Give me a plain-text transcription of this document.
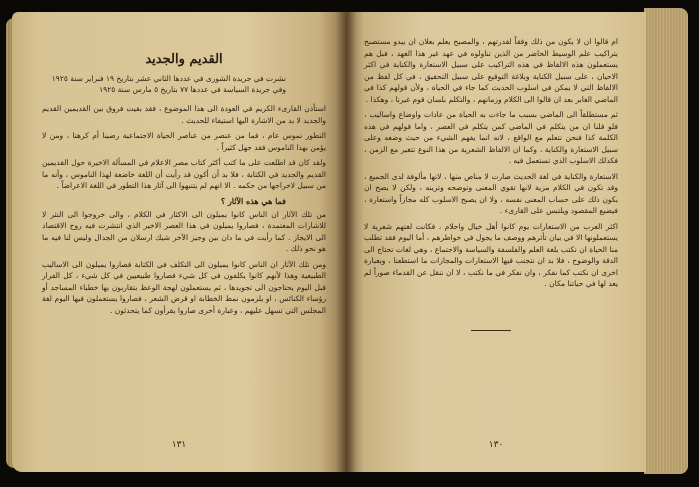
القديم والجديد
نشرت في جريدة الشورى في عددها الثاني عشر بتاريخ ١٩ فبراير سنة ١٩٢٥ وفي جريدة السياسة في عددها ٧٧ بتاريخ ٥ مارس سنة ١٩٢٥

استأذن القارىء الكريم في العودة الى هذا الموضوع ، فقد بقيت فروق بين القديمين القديم والجديد لا بد من الاشارة اليها استيفاء للحديث .

التطور تموس عام ، فما من عنصر من عناصر الحياة الاجتماعية رضينا أم كرهنا ، ومن لا يؤمن بهذا الناموس فقد جهل كثيراً .

ولقد كان قد اطلعت على ما كتب أكثر كتاب مصر الاعلام في المسألة الاخيرة حول القديمين القديم والجديد في الكتابة ، فلا بد أن أكون قد رأيت أن اللغة خاضعة لهذا الناموس ، وأنه ما من سبيل لاخراجها من حكمه . الا انهم لم يتنبهوا الى آثار هذا التطور في اللغة الاعراضاً .

فما هي هذه الآثار ؟

من تلك الآثار ان الناس كانوا يميلون الى الاكثار في الكلام ، والى خروجوا الى النثر لا للاشارات المعتمدة ، فصاروا يميلون في هذا العصر الاخير الذي انتشرت فيه روح الاقتصاد الى الايجاز . كما رأيت في ما دان بين وجيز الآخر شيك ارسلان من الجدال وليس لنا فيه ما هو نحو ذلك .

ومن تلك الآثار ان الناس كانوا يميلون الى التكلف في الكتابة فصاروا يميلون الى الاساليب الطبيعية وهذا لأنهم كانوا يكلفون في كل شيء فصاروا طبيعيين في كل شيء ، كل الفرار قبل اليوم يحتاجون الى تجويدها ، ثم يستعملون لهجة الوعظ بتقاربون بها خطباء المساجد أو رؤساء الكنائس ، او يلزمون نمط الخطابة او قرض الشعر ، فصاروا يستعملون فيها اليوم لغة المجلس التي تسهل عليهم ، وعبارة أخرى صاروا يقرأون كما يتحدثون .

١٣١

ام قالوا ان لا يكون من ذلك وفقاً لقدرتهم ، والمصبح يعلم بعلان ان يبدو مستصبح بتراكيب علم الوسيط الحاضر من الذين تناولوه في عهد غير هذا العهد ، فبل هم يستعملون هذه الالفاظ في هذه التراكيب على سبيل الاستعارة والكناية في اكثر الاحيان ، على سبيل الكناية وبلاغة التوقيع على سبيل التحقيق ، في كل لفظ من الالفاظ التي لا يمكن في اسلوب الحديث كما جاء في الحياة ، ولأن قولهم كذا في الماضي الغابر بعد ان قالوا الى الكلام وزمانهم ، والتكلم بلسان قوم غيرنا ، وهكذا .

ثم مستطلقاً الى الماضي بسبب ما جاءت به الحياة من عادات واوضاع واساليب ، فلو قلنا ان من يتكلم في الماضي كمن يتكلم في العصر ، واما قولهم في هذه الكلمة كذا فنحن نتعلم مع الواقع ، لانه انما يفهم الشيء من حيث وضعه وعلى سبيل الاستعارة والكناية ، وكما ان الالفاظ الشعرية من هذا النوع تتغير مع الزمن ، فكذلك الاسلوب الذي تستعمل فيه .

الاستعارة والكناية في لغة الحديث صارت لا مناص منها ، لانها مألوفة لدى الجميع ، وقد تكون في الكلام مزية لانها تقوي المعنى وتوضحه وتزينه ، ولكن لا يصح ان يكون ذلك على حساب المعنى نفسه ، ولا ان يصبح الاسلوب كله مجازاً واستعارة ، فيضيع المقصود ويلتبس على القارىء .

اكثر العرب من الاستعارات يوم كانوا أهل خيال واحلام ، فكانت لغتهم شعرية لا يستعملونها الا في بيان تأثرهم ووصف ما يجول في خواطرهم ، أما اليوم فقد تطلب منا الحياة ان نكتب بلغة العلم والفلسفة والسياسة والاجتماع ، وهي لغات تحتاج الى الدقة والوضوح ، فلا بد ان نتجنب فيها الاستعارات والمجازات ما استطعنا ، وبعبارة اخرى ان نكتب كما نفكر ، وان نفكر في ما نكتب ، لا ان ننقل عن القدماء صوراً لم يعد لها في حياتنا مكان .

١٣٠
